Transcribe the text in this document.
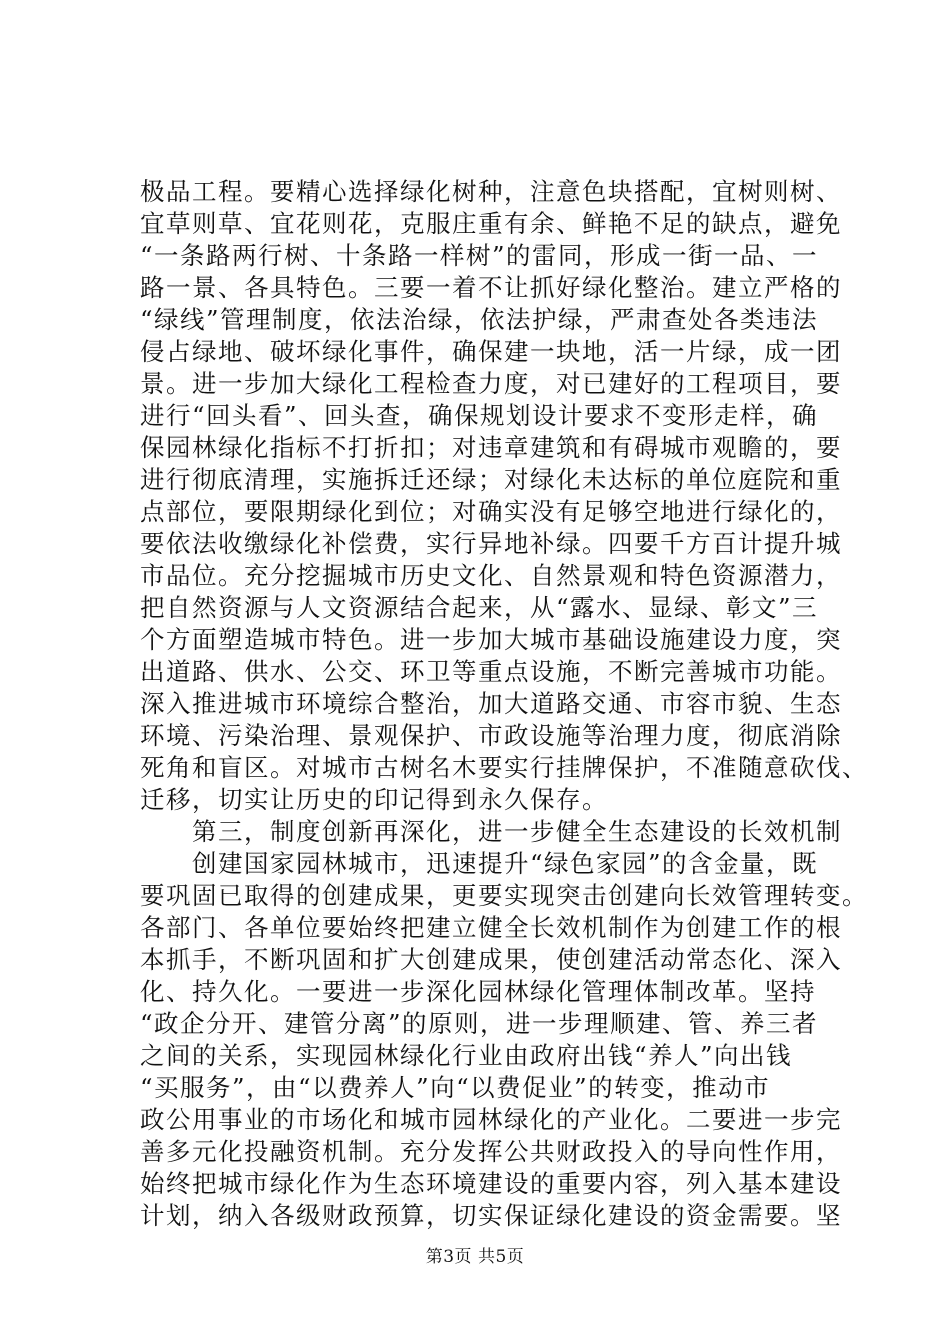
极品工程。要精心选择绿化树种，注意色块搭配，宜树则树、
宜草则草、宜花则花，克服庄重有余、鲜艳不足的缺点，避免
“一条路两行树、十条路一样树”的雷同，形成一街一品、一
路一景、各具特色。三要一着不让抓好绿化整治。建立严格的
“绿线”管理制度，依法治绿，依法护绿，严肃查处各类违法
侵占绿地、破坏绿化事件，确保建一块地，活一片绿，成一团
景。进一步加大绿化工程检查力度，对已建好的工程项目，要
进行“回头看”、回头查，确保规划设计要求不变形走样，确
保园林绿化指标不打折扣；对违章建筑和有碍城市观瞻的，要
进行彻底清理，实施拆迁还绿；对绿化未达标的单位庭院和重
点部位，要限期绿化到位；对确实没有足够空地进行绿化的，
要依法收缴绿化补偿费，实行异地补绿。四要千方百计提升城
市品位。充分挖掘城市历史文化、自然景观和特色资源潜力，
把自然资源与人文资源结合起来，从“露水、显绿、彰文”三
个方面塑造城市特色。进一步加大城市基础设施建设力度，突
出道路、供水、公交、环卫等重点设施，不断完善城市功能。
深入推进城市环境综合整治，加大道路交通、市容市貌、生态
环境、污染治理、景观保护、市政设施等治理力度，彻底消除
死角和盲区。对城市古树名木要实行挂牌保护，不准随意砍伐、
迁移，切实让历史的印记得到永久保存。
　　第三，制度创新再深化，进一步健全生态建设的长效机制
　　创建国家园林城市，迅速提升“绿色家园”的含金量，既
要巩固已取得的创建成果，更要实现突击创建向长效管理转变。
各部门、各单位要始终把建立健全长效机制作为创建工作的根
本抓手，不断巩固和扩大创建成果，使创建活动常态化、深入
化、持久化。一要进一步深化园林绿化管理体制改革。坚持
“政企分开、建管分离”的原则，进一步理顺建、管、养三者
之间的关系，实现园林绿化行业由政府出钱“养人”向出钱
“买服务”，由“以费养人”向“以费促业”的转变，推动市
政公用事业的市场化和城市园林绿化的产业化。二要进一步完
善多元化投融资机制。充分发挥公共财政投入的导向性作用，
始终把城市绿化作为生态环境建设的重要内容，列入基本建设
计划，纳入各级财政预算，切实保证绿化建设的资金需要。坚
第3页 共5页
